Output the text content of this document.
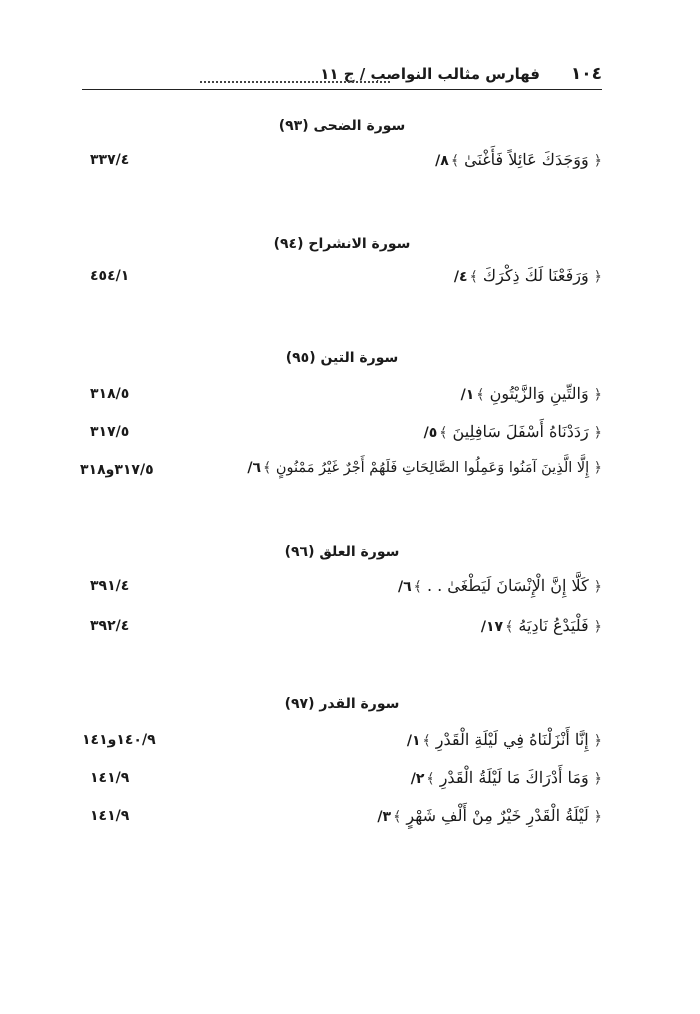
١٠٤
فهارس مثالب النواصب / ج ١١
سورة الضحى (٩٣)
﴿ وَوَجَدَكَ عَائِلاً فَأَغْنَىٰ ﴾٨/
٣٣٧/٤
سورة الانشراح (٩٤)
﴿ وَرَفَعْنَا لَكَ ذِكْرَكَ ﴾٤/
٤٥٤/١
سورة التين (٩٥)
﴿ وَالتِّينِ وَالزَّيْتُونِ ﴾١/
٣١٨/٥
﴿ رَدَدْنَاهُ أَسْفَلَ سَافِلِينَ ﴾٥/
٣١٧/٥
﴿ إِلَّا الَّذِينَ آمَنُوا وَعَمِلُوا الصَّالِحَاتِ فَلَهُمْ أَجْرٌ غَيْرُ مَمْنُونٍ ﴾٦/
٣١٧/٥و٣١٨
سورة العلق (٩٦)
﴿ كَلَّا إِنَّ الْإِنْسَانَ لَيَطْغَىٰ . . ﴾٦/
٣٩١/٤
﴿ فَلْيَدْعُ نَادِيَهُ ﴾١٧/
٣٩٢/٤
سورة القدر (٩٧)
﴿ إِنَّا أَنْزَلْنَاهُ فِي لَيْلَةِ الْقَدْرِ ﴾١/
١٤٠/٩و١٤١
﴿ وَمَا أَدْرَاكَ مَا لَيْلَةُ الْقَدْرِ ﴾٢/
١٤١/٩
﴿ لَيْلَةُ الْقَدْرِ خَيْرٌ مِنْ أَلْفِ شَهْرٍ ﴾٣/
١٤١/٩
